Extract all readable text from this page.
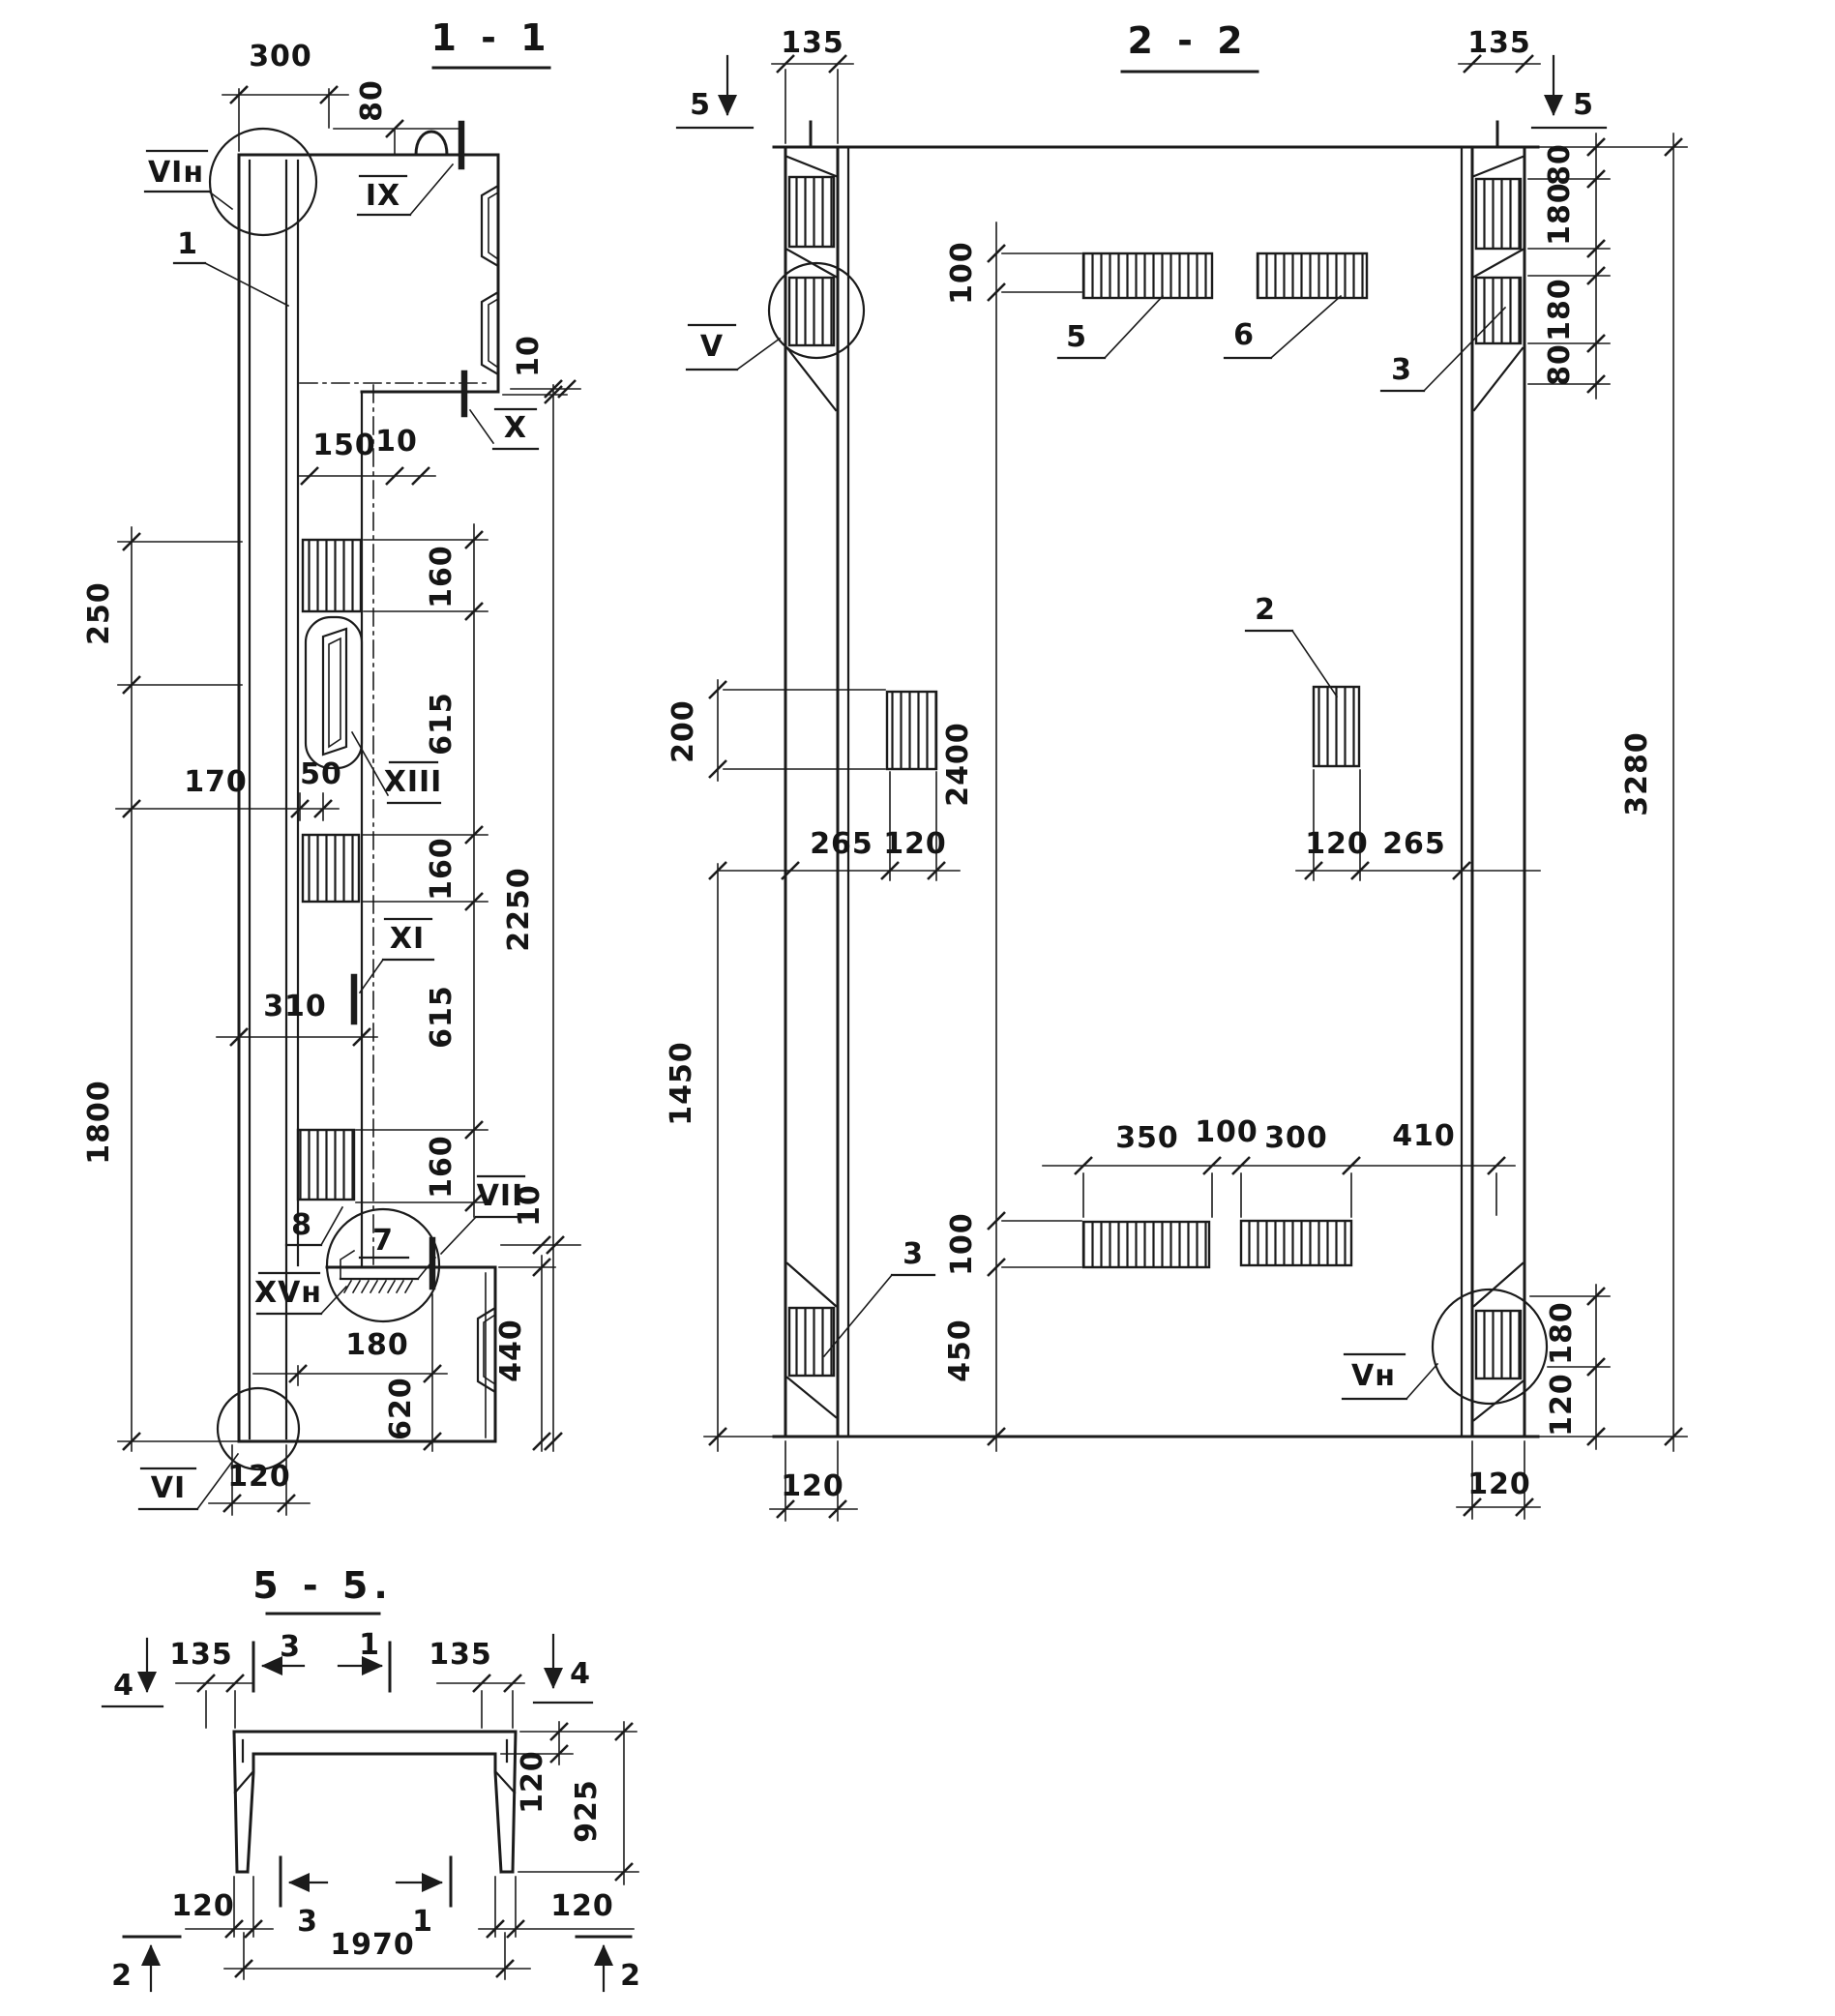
1 - 1
300
80
10
150 10
170 50
160
615
160
615
160
2250
310
250
1800
10
180
620
440
120
VIн
1
IX
X
XIII
XI
8 7
VII
XVн
VI
2 - 2
5
135
5
135
80
180
180
80
3280
100
2400
100
450
200
265 120
1450
120 265
350 100 300 410
180
120
120	120
V	5	6
3
2
3
Vн
5 - 5.
4
135 3 1 135
4
120 925
3	1
120	120
1970
2	2
